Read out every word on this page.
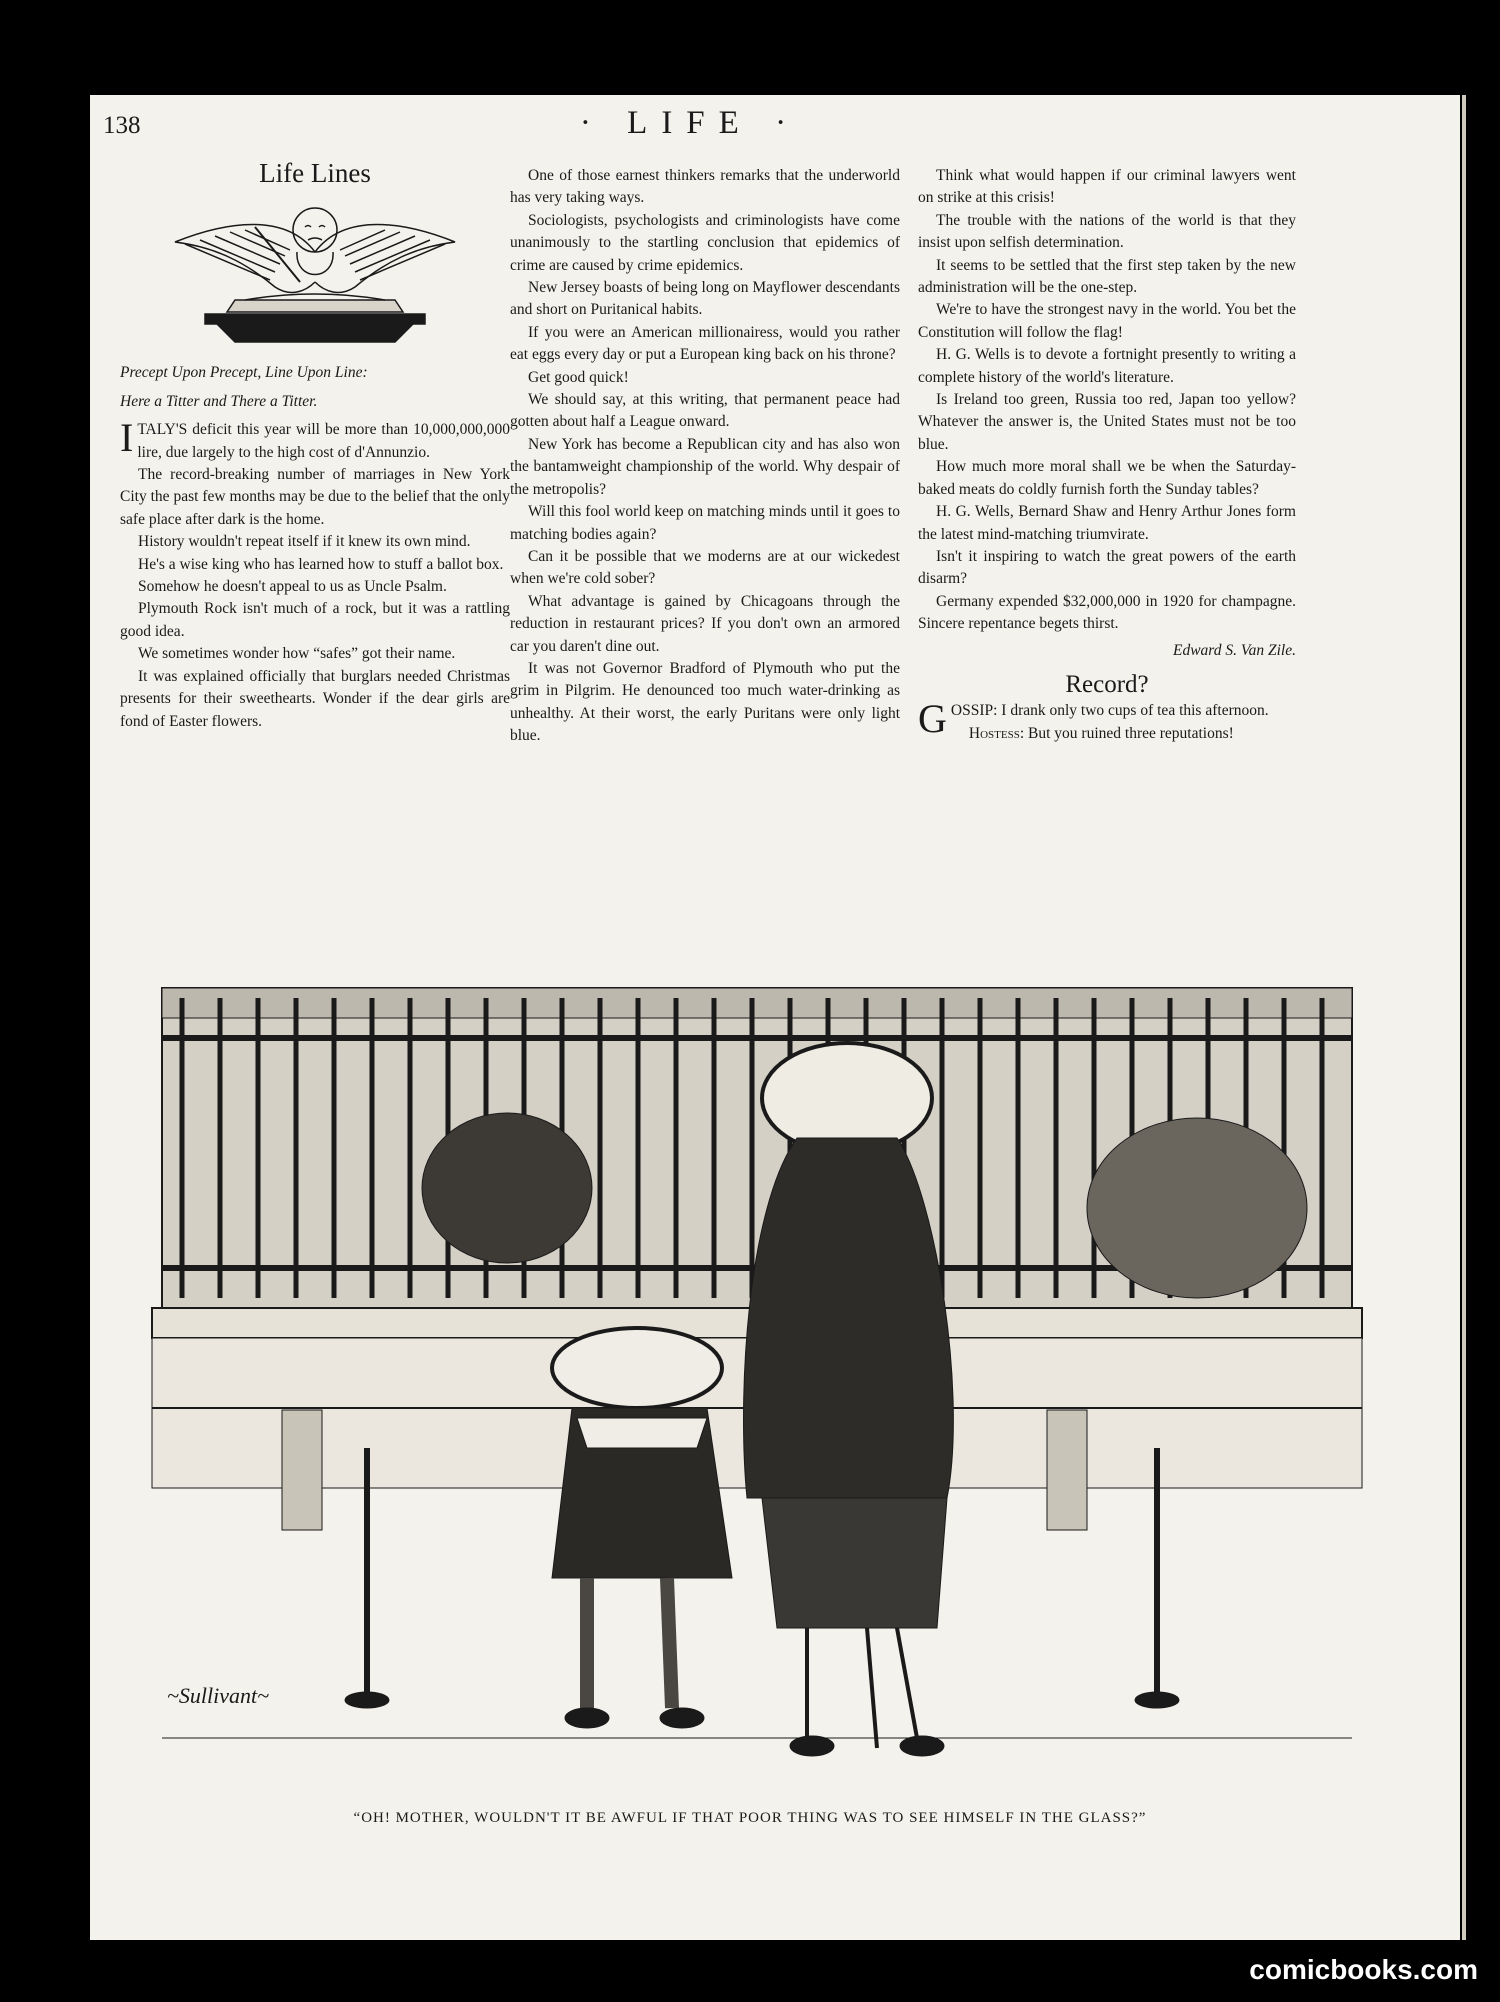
138	· LIFE ·
Life Lines

Precept Upon Precept, Line Upon Line:

Here a Titter and There a Titter.

ITALY'S deficit this year will be more than 10,000,000,000 lire, due largely to the high cost of d'Annunzio.

The record-breaking number of marriages in New York City the past few months may be due to the belief that the only safe place after dark is the home.

History wouldn't repeat itself if it knew its own mind.

He's a wise king who has learned how to stuff a ballot box.

Somehow he doesn't appeal to us as Uncle Psalm.

Plymouth Rock isn't much of a rock, but it was a rattling good idea.

We sometimes wonder how “safes” got their name.

It was explained officially that burglars needed Christmas presents for their sweethearts. Wonder if the dear girls are fond of Easter flowers.

One of those earnest thinkers remarks that the underworld has very taking ways.

Sociologists, psychologists and criminologists have come unanimously to the startling conclusion that epidemics of crime are caused by crime epidemics.

New Jersey boasts of being long on Mayflower descendants and short on Puritanical habits.

If you were an American millionairess, would you rather eat eggs every day or put a European king back on his throne?

Get good quick!

We should say, at this writing, that permanent peace had gotten about half a League onward.

New York has become a Republican city and has also won the bantamweight championship of the world. Why despair of the metropolis?

Will this fool world keep on matching minds until it goes to matching bodies again?

Can it be possible that we moderns are at our wickedest when we're cold sober?

What advantage is gained by Chicagoans through the reduction in restaurant prices? If you don't own an armored car you daren't dine out.

It was not Governor Bradford of Plymouth who put the grim in Pilgrim. He denounced too much water-drinking as unhealthy. At their worst, the early Puritans were only light blue.

Think what would happen if our criminal lawyers went on strike at this crisis!

The trouble with the nations of the world is that they insist upon selfish determination.

It seems to be settled that the first step taken by the new administration will be the one-step.

We're to have the strongest navy in the world. You bet the Constitution will follow the flag!

H. G. Wells is to devote a fortnight presently to writing a complete history of the world's literature.

Is Ireland too green, Russia too red, Japan too yellow? Whatever the answer is, the United States must not be too blue.

How much more moral shall we be when the Saturday-baked meats do coldly furnish forth the Sunday tables?

H. G. Wells, Bernard Shaw and Henry Arthur Jones form the latest mind-matching triumvirate.

Isn't it inspiring to watch the great powers of the earth disarm?

Germany expended $32,000,000 in 1920 for champagne. Sincere repentance begets thirst.

Edward S. Van Zile.

Record?

GOSSIP: I drank only two cups of tea this afternoon.

Hostess: But you ruined three reputations!

~Sullivant~
“OH! MOTHER, WOULDN'T IT BE AWFUL IF THAT POOR THING WAS TO SEE HIMSELF IN THE GLASS?”
comicbooks.com
